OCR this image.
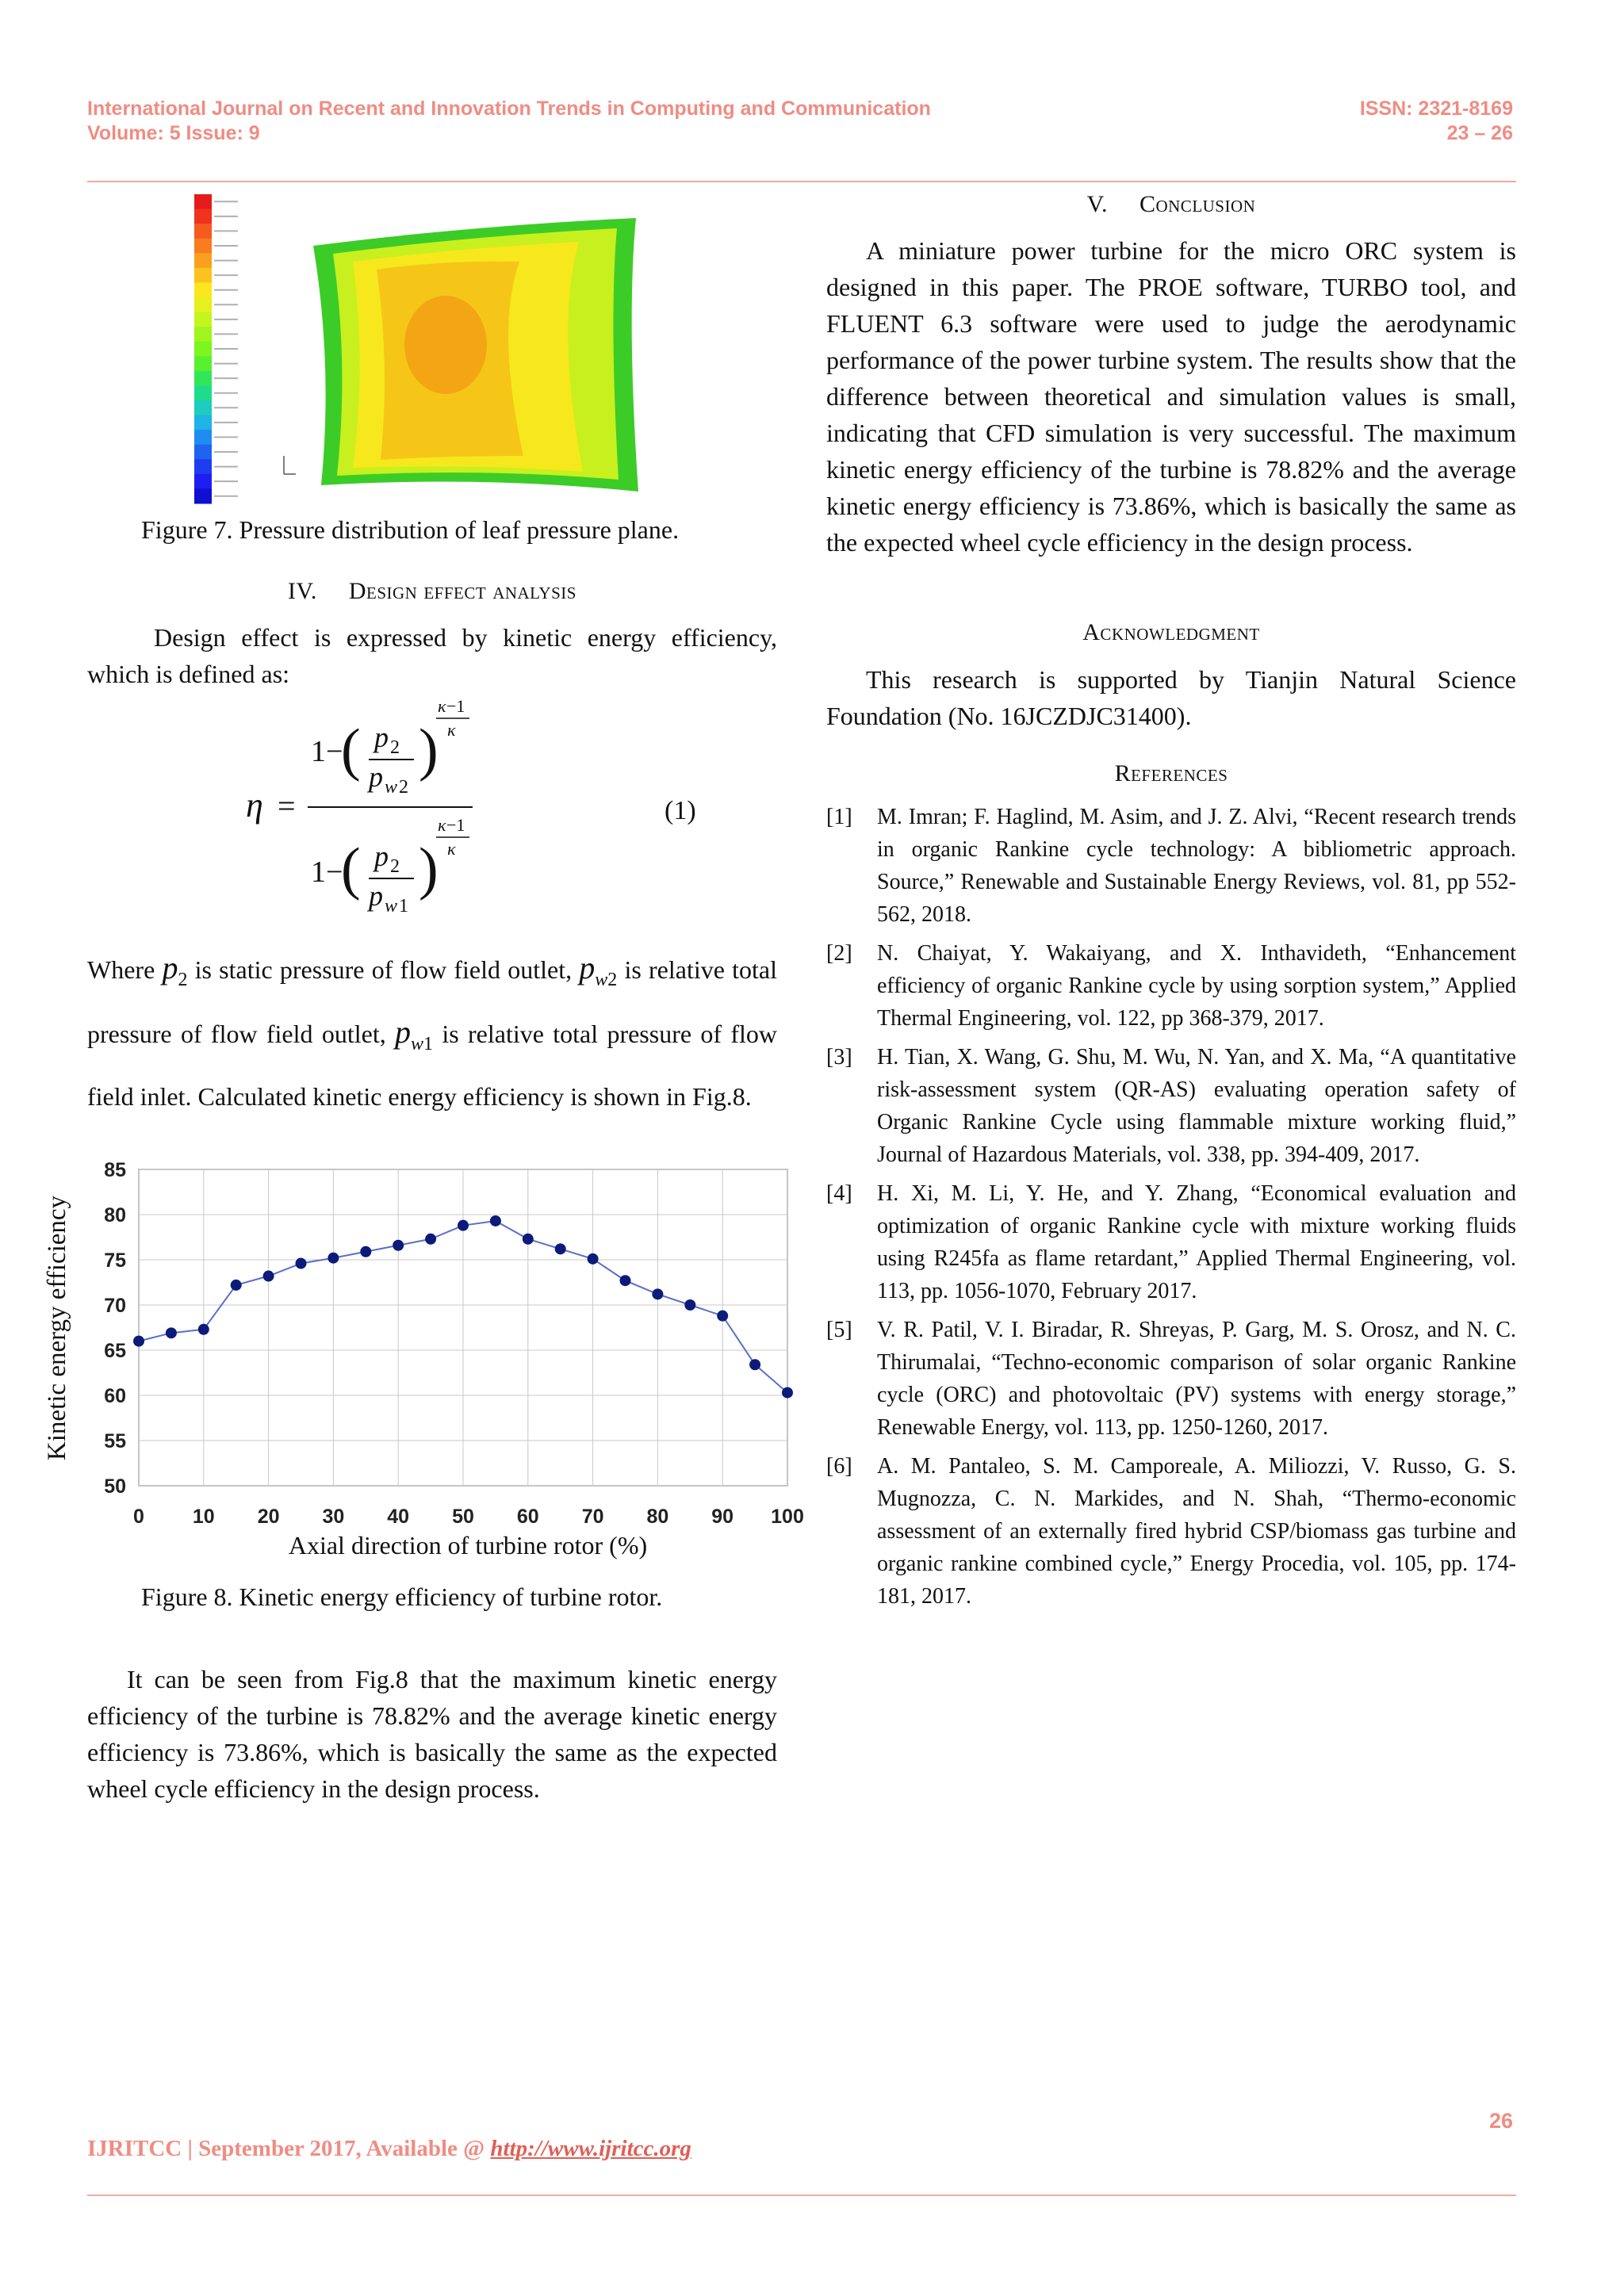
International Journal on Recent and Innovation Trends in Computing and Communication
Volume: 5 Issue: 9
ISSN: 2321-8169
23 – 26
Figure 7. Pressure distribution of leaf pressure plane.
IV. Design effect analysis
Design effect is expressed by kinetic energy efficiency, which is defined as:
η =
1−
( p 2
p w 2
)
κ −1
κ
1−
( p 2
p w 1
)
κ −1
κ
(1)
Where $p_2$ is static pressure of flow field outlet, $p_{w2}$ is relative total pressure of flow field outlet, $p_{w1}$ is relative total pressure of flow field inlet. Calculated kinetic energy efficiency is shown in Fig.8.
50
55
60
65
70
75
80
85
0 10 20 30 40 50 60 70 80 90 100
Kinetic energy efficiency
Axial direction of turbine rotor (%)
Figure 8. Kinetic energy efficiency of turbine rotor.
It can be seen from Fig.8 that the maximum kinetic energy efficiency of the turbine is 78.82% and the average kinetic energy efficiency is 73.86%, which is basically the same as the expected wheel cycle efficiency in the design process.
V. Conclusion
A miniature power turbine for the micro ORC system is designed in this paper. The PROE software, TURBO tool, and FLUENT 6.3 software were used to judge the aerodynamic performance of the power turbine system. The results show that the difference between theoretical and simulation values is small, indicating that CFD simulation is very successful. The maximum kinetic energy efficiency of the turbine is 78.82% and the average kinetic energy efficiency is 73.86%, which is basically the same as the expected wheel cycle efficiency in the design process.
Acknowledgment
This research is supported by Tianjin Natural Science Foundation (No. 16JCZDJC31400).
References
[1] M. Imran; F. Haglind, M. Asim, and J. Z. Alvi, “Recent research trends in organic Rankine cycle technology: A bibliometric approach. Source,” Renewable and Sustainable Energy Reviews, vol. 81, pp 552-562, 2018.
[2] N. Chaiyat, Y. Wakaiyang, and X. Inthavideth, “Enhancement efficiency of organic Rankine cycle by using sorption system,” Applied Thermal Engineering, vol. 122, pp 368-379, 2017.
[3] H. Tian, X. Wang, G. Shu, M. Wu, N. Yan, and X. Ma, “A quantitative risk-assessment system (QR-AS) evaluating operation safety of Organic Rankine Cycle using flammable mixture working fluid,” Journal of Hazardous Materials, vol. 338, pp. 394-409, 2017.
[4] H. Xi, M. Li, Y. He, and Y. Zhang, “Economical evaluation and optimization of organic Rankine cycle with mixture working fluids using R245fa as flame retardant,” Applied Thermal Engineering, vol. 113, pp. 1056-1070, February 2017.
[5] V. R. Patil, V. I. Biradar, R. Shreyas, P. Garg, M. S. Orosz, and N. C. Thirumalai, “Techno-economic comparison of solar organic Rankine cycle (ORC) and photovoltaic (PV) systems with energy storage,” Renewable Energy, vol. 113, pp. 1250-1260, 2017.
[6] A. M. Pantaleo, S. M. Camporeale, A. Miliozzi, V. Russo, G. S. Mugnozza, C. N. Markides, and N. Shah, “Thermo-economic assessment of an externally fired hybrid CSP/biomass gas turbine and organic rankine combined cycle,” Energy Procedia, vol. 105, pp. 174-181, 2017.
26
IJRITCC | September 2017, Available @ http://www.ijritcc.org
